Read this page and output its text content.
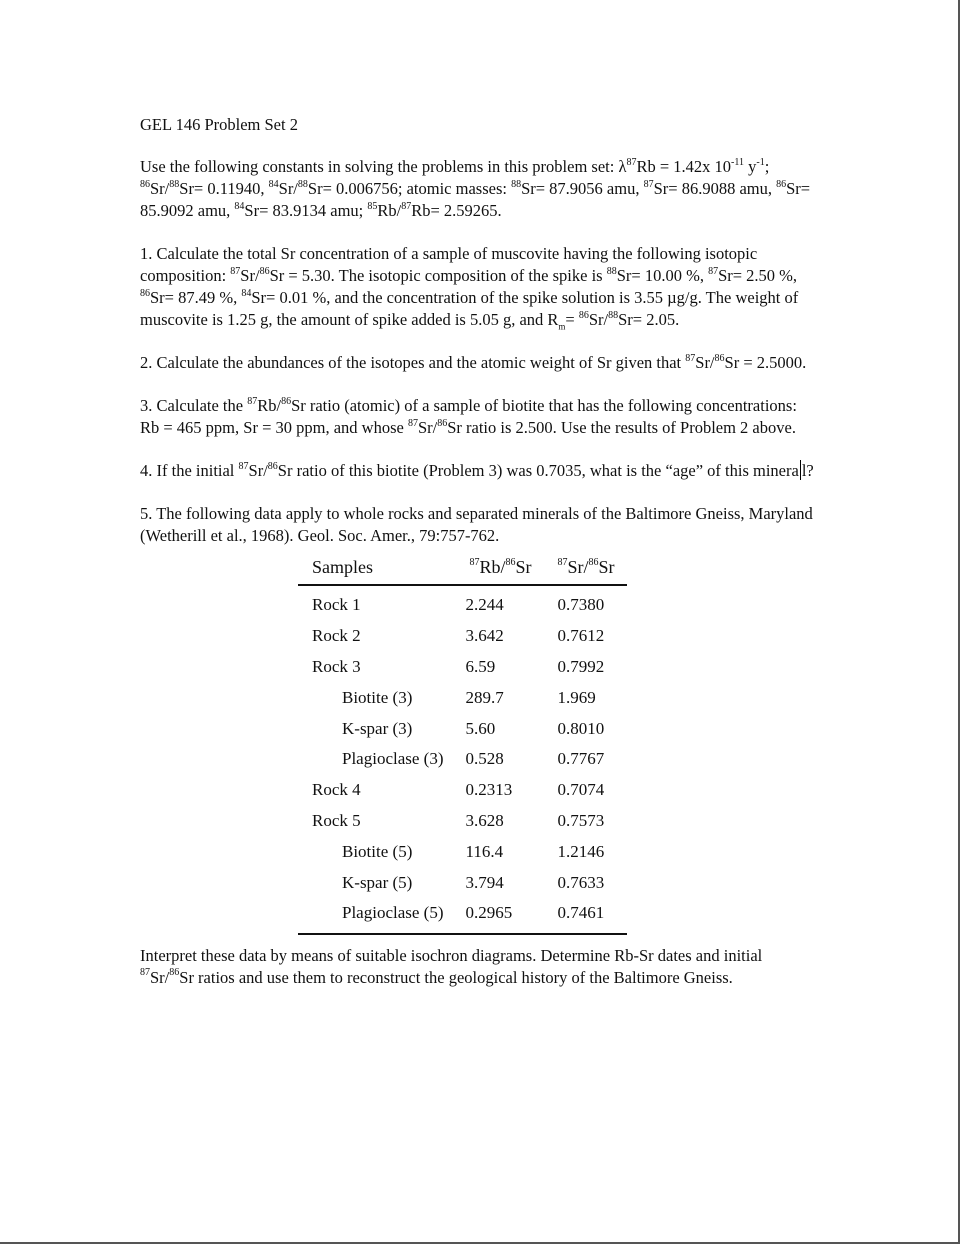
GEL 146 Problem Set 2

Use the following constants in solving the problems in this problem set: $\lambda^{87}Rb = 1.42x$ $10^{-11}$ $y^{-1}$; $^{86}$Sr/$^{88}$Sr= 0.11940, $^{84}$Sr/$^{88}$Sr= 0.006756; atomic masses: $^{88}$Sr= 87.9056 amu, $^{87}$Sr= 86.9088 amu, $^{86}$Sr= 85.9092 amu, $^{84}$Sr= 83.9134 amu; $^{85}$Rb/$^{87}$Rb= 2.59265.

1. Calculate the total Sr concentration of a sample of muscovite having the following isotopic composition: $^{87}$Sr/$^{86}$Sr = 5.30. The isotopic composition of the spike is $^{88}$Sr= 10.00 %, $^{87}$Sr= 2.50 %, $^{86}$Sr= 87.49 %, $^{84}$Sr= 0.01 %, and the concentration of the spike solution is 3.55 µg/g. The weight of muscovite is 1.25 g, the amount of spike added is 5.05 g, and $R_m= ^{86}Sr/^{88}Sr= 2.05$.

2. Calculate the abundances of the isotopes and the atomic weight of Sr given that $^{87}$Sr/$^{86}$Sr = 2.5000.

3. Calculate the $^{87}$Rb/$^{86}$Sr ratio (atomic) of a sample of biotite that has the following concentrations: Rb = 465 ppm, Sr = 30 ppm, and whose $^{87}$Sr/$^{86}$Sr ratio is 2.500. Use the results of Problem 2 above.

4. If the initial $^{87}$Sr/$^{86}$Sr ratio of this biotite (Problem 3) was 0.7035, what is the “age” of this minera l?

5. The following data apply to whole rocks and separated minerals of the Baltimore Gneiss, Maryland (Wetherill et al., 1968). Geol. Soc. Amer., 79:757-762.

Samples	$^{87}$Rb/$^{86}$Sr	$^{87}$Sr/$^{86}$Sr
Rock 1	2.244	0.7380
Rock 2	3.642	0.7612
Rock 3	6.59	0.7992
Biotite (3)	289.7	1.969
K-spar (3)	5.60	0.8010
Plagioclase (3)	0.528	0.7767
Rock 4	0.2313	0.7074
Rock 5	3.628	0.7573
Biotite (5)	116.4	1.2146
K-spar (5)	3.794	0.7633
Plagioclase (5)	0.2965	0.7461

Interpret these data by means of suitable isochron diagrams. Determine Rb-Sr dates and initial $^{87}$Sr/$^{86}$Sr ratios and use them to reconstruct the geological history of the Baltimore Gneiss.
